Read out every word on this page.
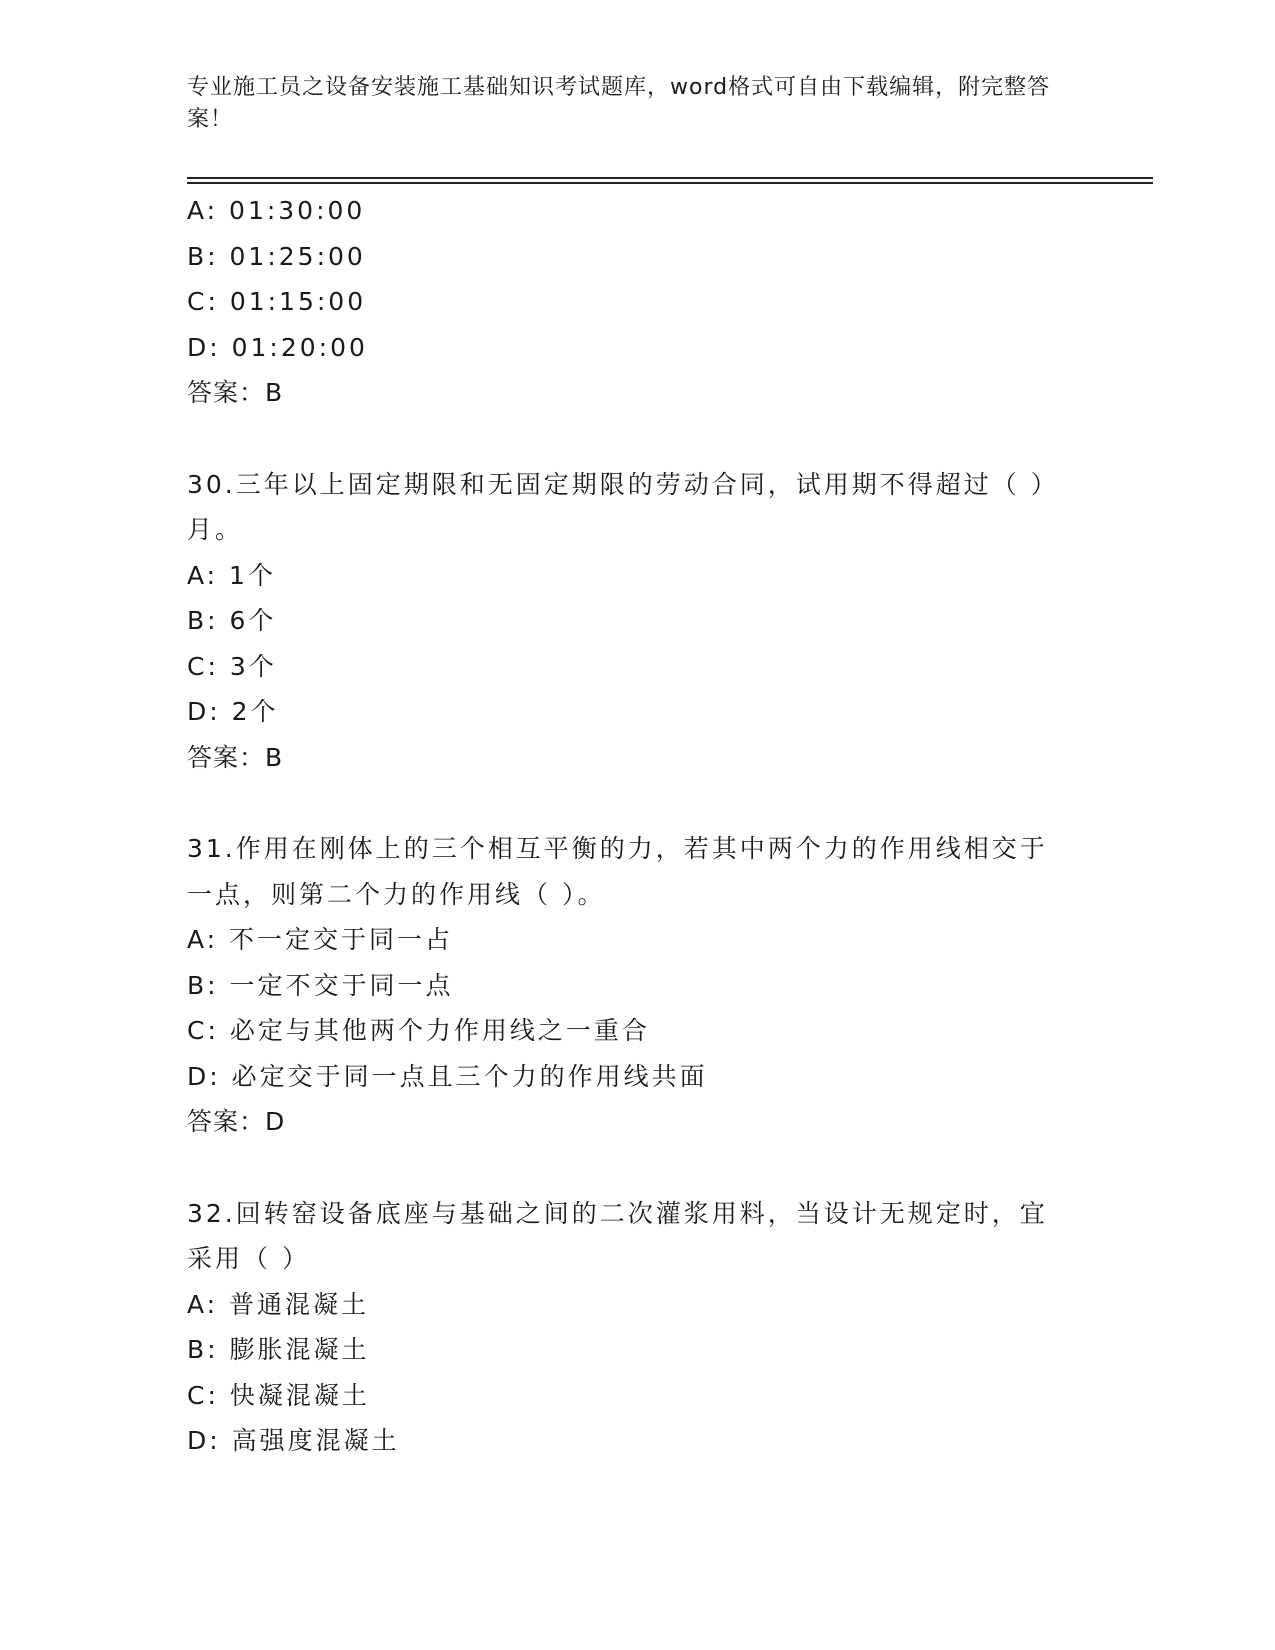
专业施工员之设备安装施工基础知识考试题库，word格式可自由下载编辑，附完整答案！
A: 01:30:00
B: 01:25:00
C: 01:15:00
D: 01:20:00
答案：B
30.三年以上固定期限和无固定期限的劳动合同，试用期不得超过（ ）月。
A: 1个
B: 6个
C: 3个
D: 2个
答案：B
31.作用在刚体上的三个相互平衡的力，若其中两个力的作用线相交于一点，则第二个力的作用线（ ）。
A: 不一定交于同一占
B: 一定不交于同一点
C: 必定与其他两个力作用线之一重合
D: 必定交于同一点且三个力的作用线共面
答案：D
32.回转窑设备底座与基础之间的二次灌浆用料，当设计无规定时，宜采用（ ）
A: 普通混凝土
B: 膨胀混凝土
C: 快凝混凝土
D: 高强度混凝土
